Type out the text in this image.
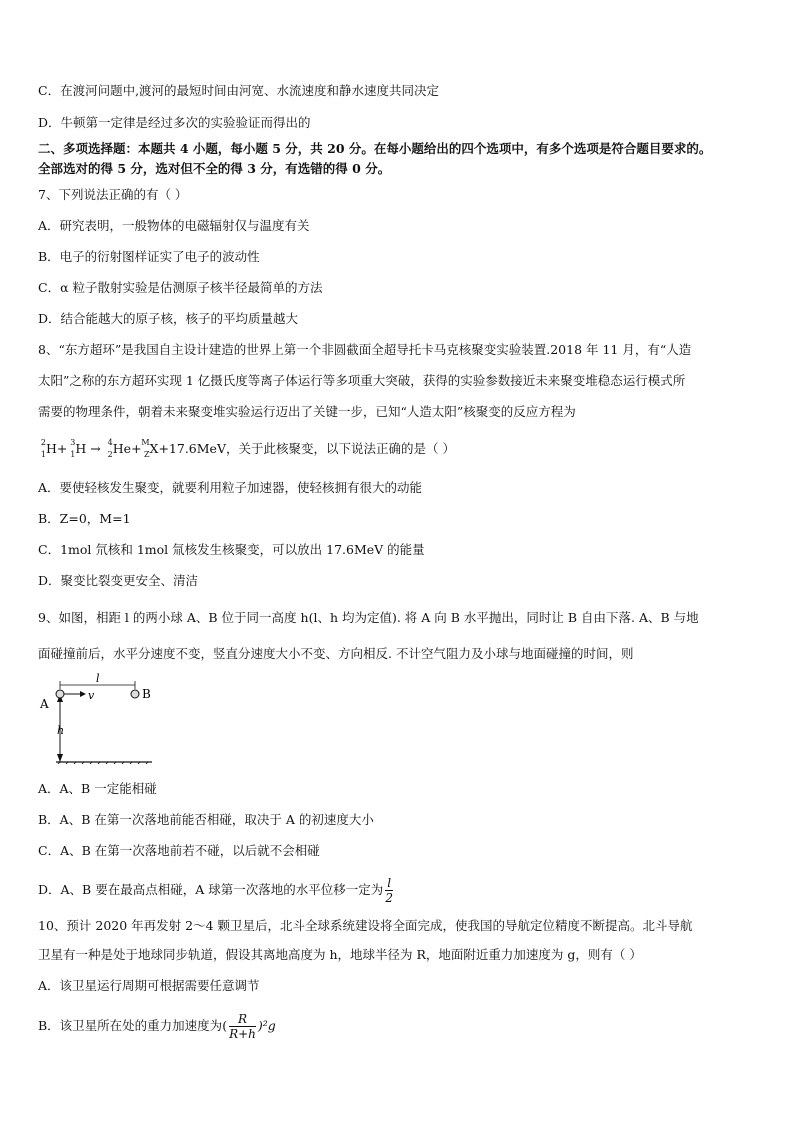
C．在渡河问题中,渡河的最短时间由河宽、水流速度和静水速度共同决定
D．牛顿第一定律是经过多次的实验验证而得出的
二、多项选择题：本题共 4 小题，每小题 5 分，共 20 分。在每小题给出的四个选项中，有多个选项是符合题目要求的。
全部选对的得 5 分，选对但不全的得 3 分，有选错的得 0 分。
7、下列说法正确的有（ ）
A．研究表明，一般物体的电磁辐射仅与温度有关
B．电子的衍射图样证实了电子的波动性
C．α 粒子散射实验是估测原子核半径最简单的方法
D．结合能越大的原子核，核子的平均质量越大
8、“东方超环”是我国自主设计建造的世界上第一个非圆截面全超导托卡马克核聚变实验装置.2018 年 11 月，有“人造
太阳”之称的东方超环实现 1 亿摄氏度等离子体运行等多项重大突破，获得的实验参数接近未来聚变堆稳态运行模式所
需要的物理条件，朝着未来聚变堆实验运行迈出了关键一步，已知“人造太阳”核聚变的反应方程为
2
1 H+ 3
1 H → 4
2 He+ M
Z X+17.6MeV，关于此核聚变，以下说法正确的是（ ）
A．要使轻核发生聚变，就要利用粒子加速器，使轻核拥有很大的动能
B．Z=0，M=1
C．1mol 氘核和 1mol 氚核发生核聚变，可以放出 17.6MeV 的能量
D．聚变比裂变更安全、清洁
9、如图，相距 l 的两小球 A、B 位于同一高度 h(l、h 均为定值). 将 A 向 B 水平抛出，同时让 B 自由下落. A、B 与地
面碰撞前后，水平分速度不变，竖直分速度大小不变、方向相反. 不计空气阻力及小球与地面碰撞的时间，则
A
B
v
l
h
A．A、B 一定能相碰
B．A、B 在第一次落地前能否相碰，取决于 A 的初速度大小
C．A、B 在第一次落地前若不碰，以后就不会相碰
D．A、B 要在最高点相碰，A 球第一次落地的水平位移一定为 $\frac{l}{2}$
10、预计 2020 年再发射 2～4 颗卫星后，北斗全球系统建设将全面完成，使我国的导航定位精度不断提高。北斗导航
卫星有一种是处于地球同步轨道，假设其离地高度为 h，地球半径为 R，地面附近重力加速度为 g，则有（ ）
A．该卫星运行周期可根据需要任意调节
B．该卫星所在处的重力加速度为( $\frac{R}{R+h} )^2g$
